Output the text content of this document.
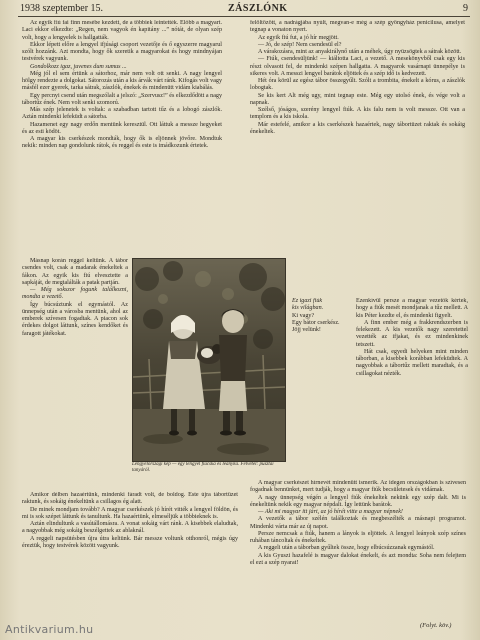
1938 szeptember 15.	ZÁSZLÓNK	9

Az egyik fiú fai finn mesébe kezdett, de a többiek leintették. Előbb a magyart. Laci ekkor elkezdte: „Regen, nem vagyok én kapitány ...” nótát, de olyan szép volt, hogy a lengyelek is hallgatták.

Ekkor lépett előre a lengyel ifjúsági csoport vezetője és ő egyszerre magyarul szólt hozzánk. Azt mondta, hogy ők szeretik a magyarokat és hogy mindnyájan testvérek vagyunk.

Gondolkozz igaz, juvenes dum sumus ...

Még jól el sem értünk a sátorhoz, már nem volt ott senki. A nagy lengyel hölgy rendezte a dolgokat. Sátorozás után a kis árvák várt ránk. Kifogás volt vagy másfél ezer gyerek, tarka sátrak, zászlók, énekek és mindenütt vidám kiabálás.

Egy percnyi csend után megszólalt a jelszó: „Szervusz!” és elkezdődött a nagy tábortűz ének. Nem volt senki szomorú.

Más szép jelenetek is voltak: a szabadban tartott tűz és a lobogó zászlók. Aztán mindenki lefeküdt a sátorba.

Hazamenet egy nagy erdőn mentünk keresztül. Ott láttuk a messze hegyeket és az esti ködöt.

A magyar kis cserkészek mondták, hogy ők is eljönnek jövőre. Mondtuk nekik: minden nap gondolunk rátok, és reggel és este is imádkozunk értetek.

Másnap korán reggel keltünk. A tábor csendes volt, csak a madarak énekeltek a fákon. Az egyik kis fiú elvesztette a sapkáját, de megtalálták a patak partján.

— Még sokszor fogunk találkozni, mondta a vezető.

Így búcsúztunk el egymástól. Az ünnepség után a városba mentünk, ahol az emberek szívesen fogadtak. A piacon sok érdekes dolgot láttunk, színes kendőket és faragott játékokat.

Amikor délben hazaértünk, mindenki fáradt volt, de boldog. Este újra tábortüzet raktunk, és sokáig énekeltünk a csillagos ég alatt.

De minek mondjam tovább? A magyar cserkészek jó hírét vitték a lengyel földön, és mi is sok szépet láttunk és tanultunk. Ha hazaértünk, elmeséljük a többieknek is.

Aztán elindultunk a vasútállomásra. A vonat sokáig várt ránk. A kisebbek elaludtak, a nagyobbak még sokáig beszélgettek az ablaknál.

A reggeli napsütésben újra útra keltünk. Bár messze voltunk otthonról, mégis úgy éreztük, hogy testvérek között vagyunk.

Lengyelországi kép — egy lengyel fiúcska és leányka. Felvétel: pusztai tanyáról.

felöltözött, a nadrágjába nyúlt, megvan-e még a szép gyöngyház penicilusa, amelyet tegnap a vonaton nyert.

Az egyik fiú fut, a jó hír megjött.

— Jó, de szép! Nem csendesül el?

A várakozásra, mint az anyakirálynő után a méhek, úgy nyüzsögtek a sátrak között.

— Fiúk, csendesüljünk! — kiáltotta Laci, a vezető. A mesekönyvből csak egy kis részt olvasott fel, de mindenki szépen hallgatta. A magyarok vasárnapi ünnepélye is sikeres volt. A messzi lengyel barátok eljöttek és a szép idő is kedvezett.

Hét óra körül az egész tábor összegyűlt. Szólt a trombita, énekelt a kórus, a zászlók lobogtak.

Se kis kert Alt még ugy, mint tegnap este. Még egy utolsó ének, és vége volt a napnak.

Szélső, jóságos, szerény lengyel fiúk. A kis falu nem is volt messze. Ott van a templom és a kis iskola.

Már estefelé, amikor a kis cserkészek hazaértek, nagy tábortüzet raktak és sokáig énekeltek.

Ez igazi fiúk

kis világban.

Ki vagy?

Egy bátor cserkész.

Jöjj velünk!

Ezenkívül persze a magyar vezetők kértek, hogy a fiúk mesét mondjanak a tűz mellett. A kis Péter kezdte el, és mindenki figyelt.

A finn ember még a frakkrendszerben is felekezett. A kis vezetők nagy szeretettel vezették az ifjakat, és ez mindenkinek tetszett.

Hát csak, egyedi helyeken mint minden táborban, a kisebbek korábban lefeküdtek. A nagyobbak a tábortűz mellett maradtak, és a csillagokat nézték.

A magyar cserkészet hírnevét mindenütt ismerik. Az idegen országokban is szívesen fogadnak bennünket, mert tudják, hogy a magyar fiúk becsületesek és vidámak.

A nagy ünnepség végén a lengyel fiúk énekeltek nekünk egy szép dalt. Mi is énekeltünk nekik egy magyar népdalt. Így lettünk barátok.

— Aki mi magyar itt járt, az jó hírét vitte a magyar népnek!

A vezetők a tábor szélén találkoztak és megbeszélték a másnapi programot. Mindenki várta már az új napot.

Persze nemcsak a fiúk, hanem a lányok is eljöttek. A lengyel leányok szép színes ruhában táncoltak és énekeltek.

A reggeli után a táborban gyűltek össze, hogy elbúcsúzzanak egymástól.

A kis Gyuszi hazafelé is magyar dalokat énekelt, és azt mondta: Soha nem felejtem el ezt a szép nyarat!

(Folyt. köv.)
Antikvarium.hu
